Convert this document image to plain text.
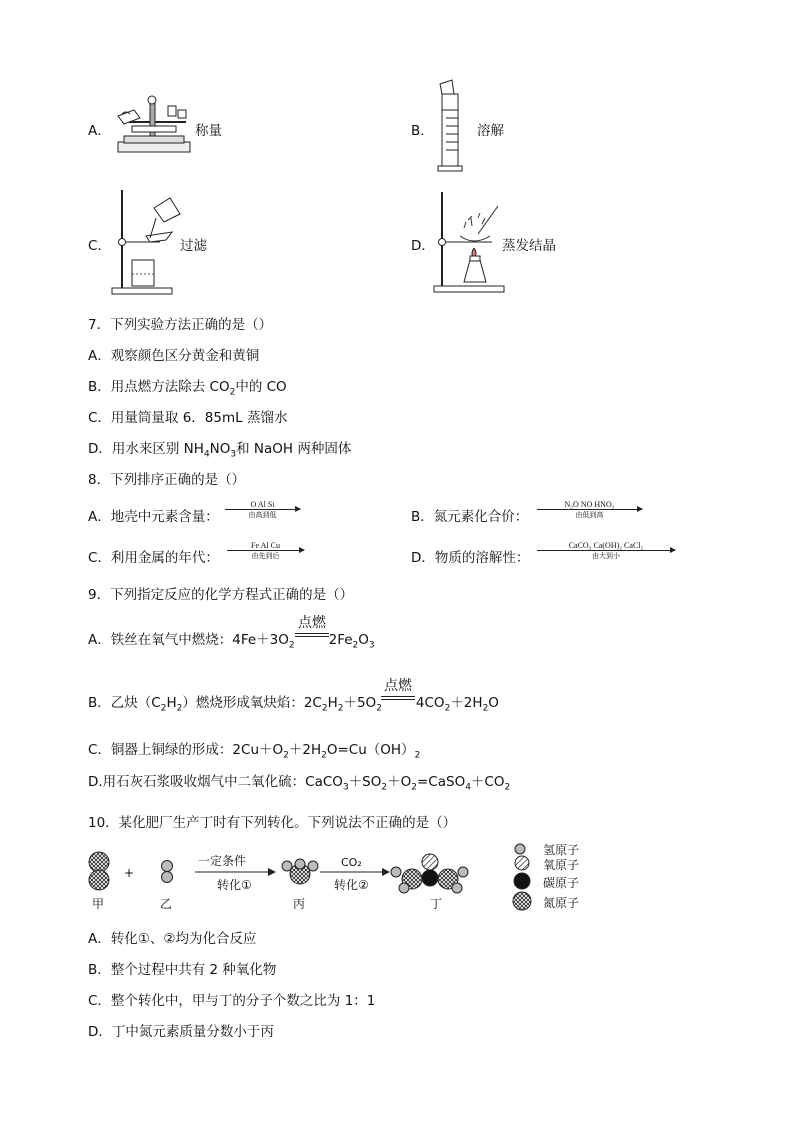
A．	称量	B．	溶解
C．	过滤	D．	蒸发结晶
7．下列实验方法正确的是（）
A．观察颜色区分黄金和黄铜
B．用点燃方法除去 $CO_2$中的 CO
C．用量筒量取 6．85mL 蒸馏水
D．用水来区别 $NH_4NO_3$和 NaOH 两种固体
8．下列排序正确的是（）
A．地壳中元素含量：
O Al Si
由高到低	B．氮元素化合价：
N₂O NO HNO₃
由低到高
C．利用金属的年代：
Fe Al Cu
由先到后	D．物质的溶解性：
CaCO₃ Ca(OH)₂ CaCl₂
由大到小
9．下列指定反应的化学方程式正确的是（）
A．铁丝在氧气中燃烧：$4Fe+3O_2$	$2Fe_2O_3$
点燃
B．乙炔$(C_2H_2)$燃烧形成氧炔焰：$2C_2H_2+5O_2$	$4CO_2+2H_2O$
点燃
C．铜器上铜绿的形成：$2Cu+O_2+2H_2O=Cu(OH)_2$
D.用石灰石浆吸收烟气中二氧化硫：$CaCO_3+SO_2+O_2=CaSO_4+CO_2$
10．某化肥厂生产丁时有下列转化。下列说法不正确的是（）
+
一定条件
转化①
CO₂
转化②
甲	乙	丙	丁
氢原子
氧原子
碳原子
氮原子
A．转化①、②均为化合反应
B．整个过程中共有 2 种氧化物
C．整个转化中，甲与丁的分子个数之比为 1：1
D．丁中氮元素质量分数小于丙
